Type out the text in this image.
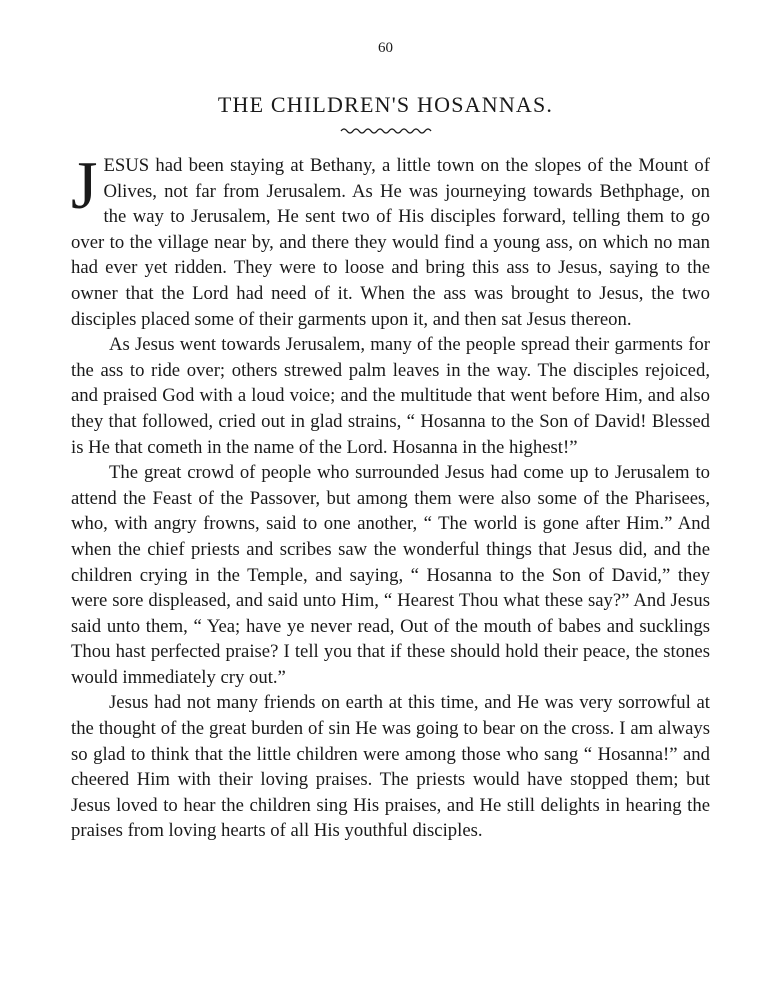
60
THE CHILDREN'S HOSANNAS.

JESUS had been staying at Bethany, a little town on the slopes of the Mount of Olives, not far from Jerusalem. As He was journeying towards Bethphage, on the way to Jerusalem, He sent two of His disciples forward, telling them to go over to the village near by, and there they would find a young ass, on which no man had ever yet ridden. They were to loose and bring this ass to Jesus, saying to the owner that the Lord had need of it. When the ass was brought to Jesus, the two disciples placed some of their garments upon it, and then sat Jesus thereon.

As Jesus went towards Jerusalem, many of the people spread their garments for the ass to ride over; others strewed palm leaves in the way. The disciples rejoiced, and praised God with a loud voice; and the multitude that went before Him, and also they that followed, cried out in glad strains, “ Hosanna to the Son of David! Blessed is He that cometh in the name of the Lord. Hosanna in the highest!”

The great crowd of people who surrounded Jesus had come up to Jerusalem to attend the Feast of the Passover, but among them were also some of the Pharisees, who, with angry frowns, said to one another, “ The world is gone after Him.” And when the chief priests and scribes saw the wonderful things that Jesus did, and the children crying in the Temple, and saying, “ Hosanna to the Son of David,” they were sore displeased, and said unto Him, “ Hearest Thou what these say?” And Jesus said unto them, “ Yea; have ye never read, Out of the mouth of babes and sucklings Thou hast perfected praise? I tell you that if these should hold their peace, the stones would immediately cry out.”

Jesus had not many friends on earth at this time, and He was very sorrowful at the thought of the great burden of sin He was going to bear on the cross. I am always so glad to think that the little children were among those who sang “ Hosanna!” and cheered Him with their loving praises. The priests would have stopped them; but Jesus loved to hear the children sing His praises, and He still delights in hearing the praises from loving hearts of all His youthful disciples.
